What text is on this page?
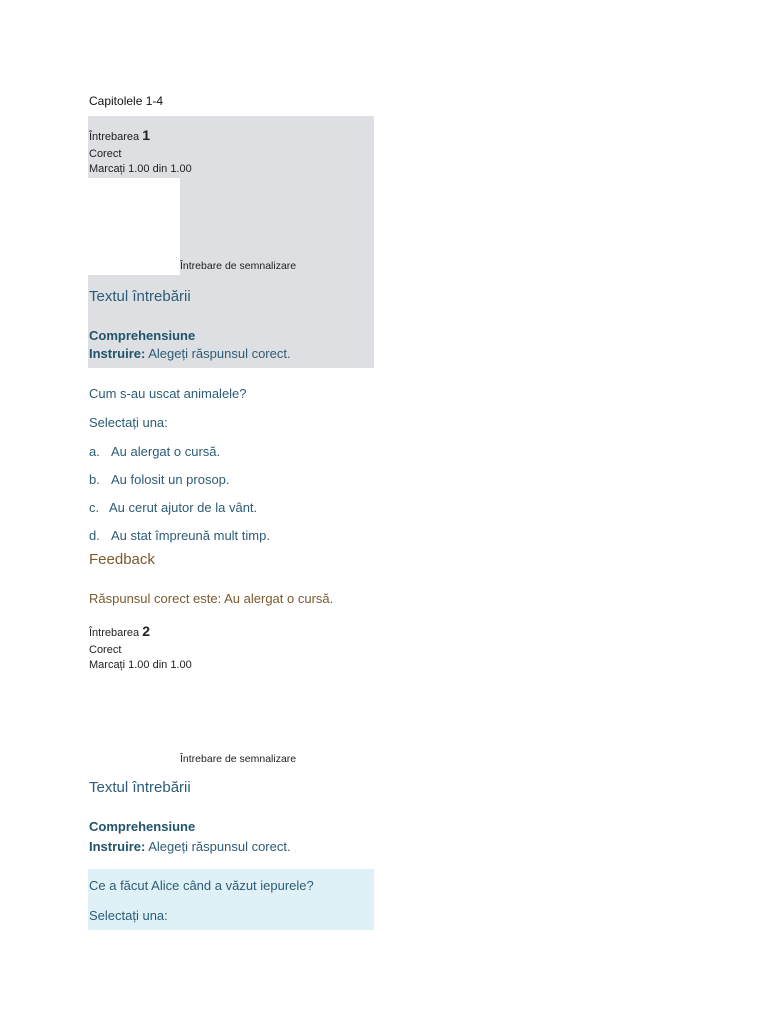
Capitolele 1-4
Întrebarea 1
Corect
Marcați 1.00 din 1.00
Întrebare de semnalizare
Textul întrebării
Comprehensiune
Instruire: Alegeți răspunsul corect.
Cum s-au uscat animalele?
Selectați una:
a. Au alergat o cursă.
b. Au folosit un prosop.
c. Au cerut ajutor de la vânt.
d. Au stat împreună mult timp.
Feedback
Răspunsul corect este: Au alergat o cursă.
Întrebarea 2
Corect
Marcați 1.00 din 1.00
Întrebare de semnalizare
Textul întrebării
Comprehensiune
Instruire: Alegeți răspunsul corect.
Ce a făcut Alice când a văzut iepurele?
Selectați una:
